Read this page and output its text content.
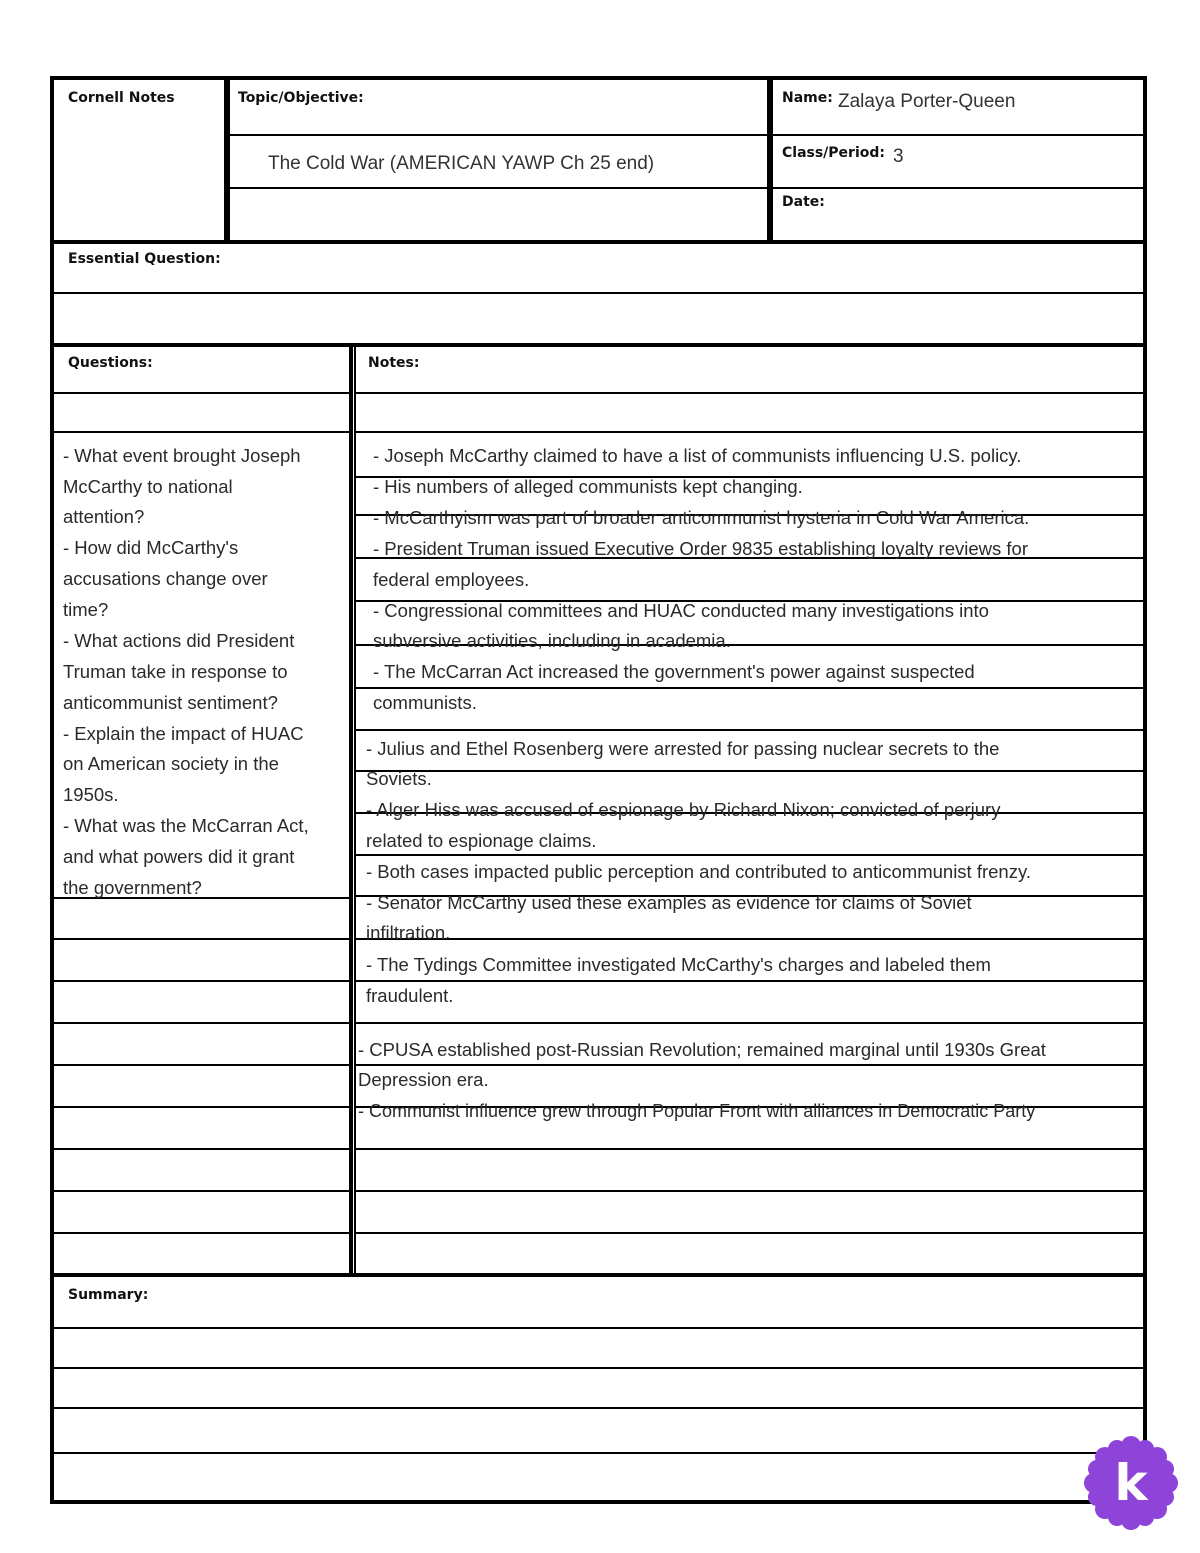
Cornell Notes	Topic/Objective:
The Cold War (AMERICAN YAWP Ch 25 end)
Name: Zalaya Porter-Queen
Class/Period: 3
Date:
Essential Question:
Questions:	Notes:
- What event brought Joseph
McCarthy to national
attention?
- How did McCarthy's
accusations change over
time?
- What actions did President
Truman take in response to
anticommunist sentiment?
- Explain the impact of HUAC
on American society in the
1950s.
- What was the McCarran Act,
and what powers did it grant
the government?
- Joseph McCarthy claimed to have a list of communists influencing U.S. policy.
- His numbers of alleged communists kept changing.
- McCarthyism was part of broader anticommunist hysteria in Cold War America.
- President Truman issued Executive Order 9835 establishing loyalty reviews for
federal employees.
- Congressional committees and HUAC conducted many investigations into
subversive activities, including in academia.
- The McCarran Act increased the government's power against suspected
communists.
- Julius and Ethel Rosenberg were arrested for passing nuclear secrets to the
Soviets.
- Alger Hiss was accused of espionage by Richard Nixon; convicted of perjury
related to espionage claims.
- Both cases impacted public perception and contributed to anticommunist frenzy.
- Senator McCarthy used these examples as evidence for claims of Soviet
infiltration.
- The Tydings Committee investigated McCarthy's charges and labeled them
fraudulent.
- CPUSA established post-Russian Revolution; remained marginal until 1930s Great
Depression era.
- Communist influence grew through Popular Front with alliances in Democratic Party
Summary:
k
